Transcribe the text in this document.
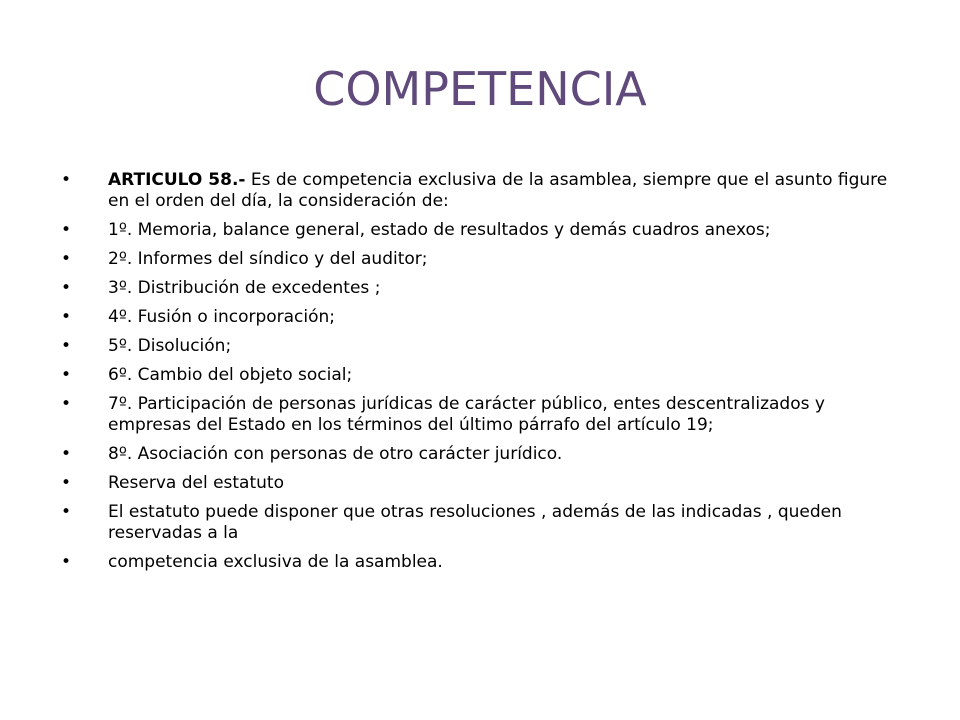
COMPETENCIA
• ARTICULO 58.- Es de competencia exclusiva de la asamblea, siempre que el asunto figure en el orden del día, la consideración de:
• 1º. Memoria, balance general, estado de resultados y demás cuadros anexos;
• 2º. Informes del síndico y del auditor;
• 3º. Distribución de excedentes ;
• 4º. Fusión o incorporación;
• 5º. Disolución;
• 6º. Cambio del objeto social;
• 7º. Participación de personas jurídicas de carácter público, entes descentralizados y empresas del Estado en los términos del último párrafo del artículo 19;
• 8º. Asociación con personas de otro carácter jurídico.
• Reserva del estatuto
• El estatuto puede disponer que otras resoluciones , además de las indicadas , queden reservadas a la
• competencia exclusiva de la asamblea.
